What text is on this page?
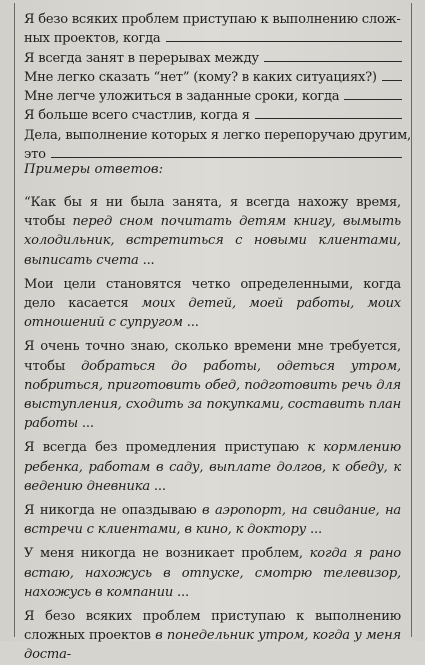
Я безо всяких проблем приступаю к выполнению слож-
ных проектов, когда
Я всегда занят в перерывах между
Мне легко сказать “нет” (кому? в каких ситуациях?)
Мне легче уложиться в заданные сроки, когда
Я больше всего счастлив, когда я
Дела, выполнение которых я легко перепоручаю другим,
это
Примеры ответов:

“Как бы я ни была занята, я всегда нахожу время, чтобы перед сном почитать детям книгу, вымыть холодильник, встретиться с новыми клиентами, выписать счета ...

Мои цели становятся четко определенными, когда дело касается моих детей, моей работы, моих отношений с супругом ...

Я очень точно знаю, сколько времени мне требуется, чтобы добраться до работы, одеться утром, побриться, приготовить обед, подготовить речь для выступления, сходить за покупками, составить план работы ...

Я всегда без промедления приступаю к кормлению ребенка, работам в саду, выплате долгов, к обеду, к ведению дневника ...

Я никогда не опаздываю в аэропорт, на свидание, на встречи с клиентами, в кино, к доктору ...

У меня никогда не возникает проблем, когда я рано встаю, нахожусь в отпуске, смотрю телевизор, нахожусь в компании ...

Я безо всяких проблем приступаю к выполнению сложных проектов в понедельник утром, когда у меня доста-
